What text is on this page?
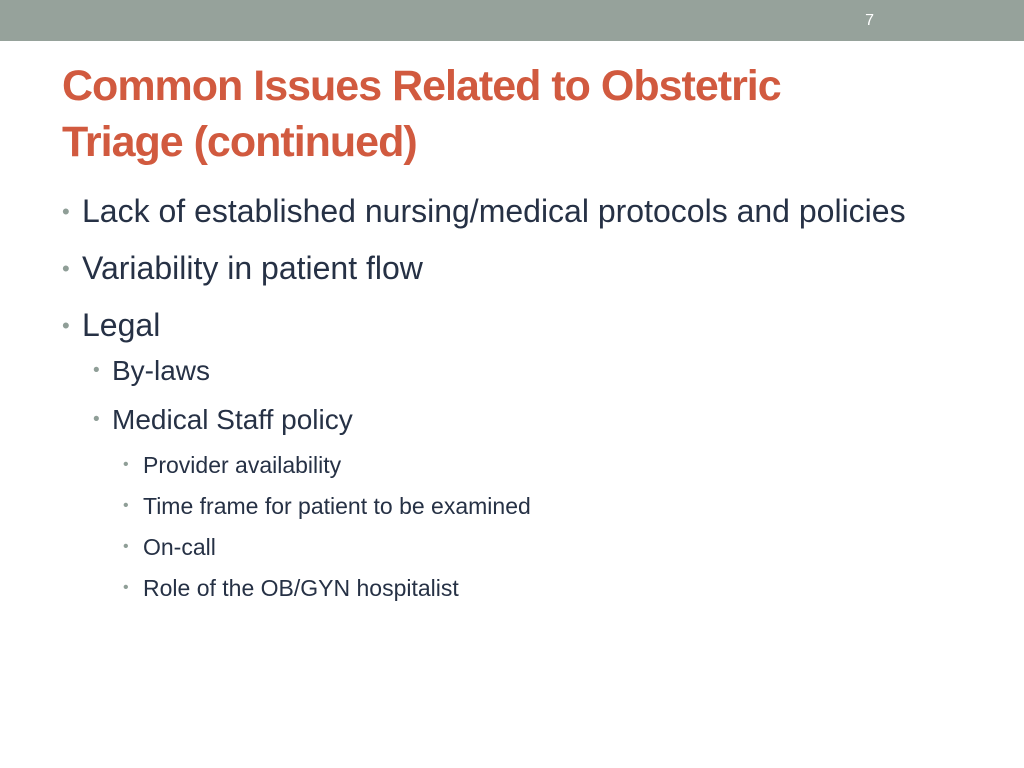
7
Common Issues Related to Obstetric
Triage (continued)
• Lack of established nursing/medical protocols and policies
• Variability in patient flow
• Legal
• By-laws
• Medical Staff policy
• Provider availability
• Time frame for patient to be examined
• On-call
• Role of the OB/GYN hospitalist
